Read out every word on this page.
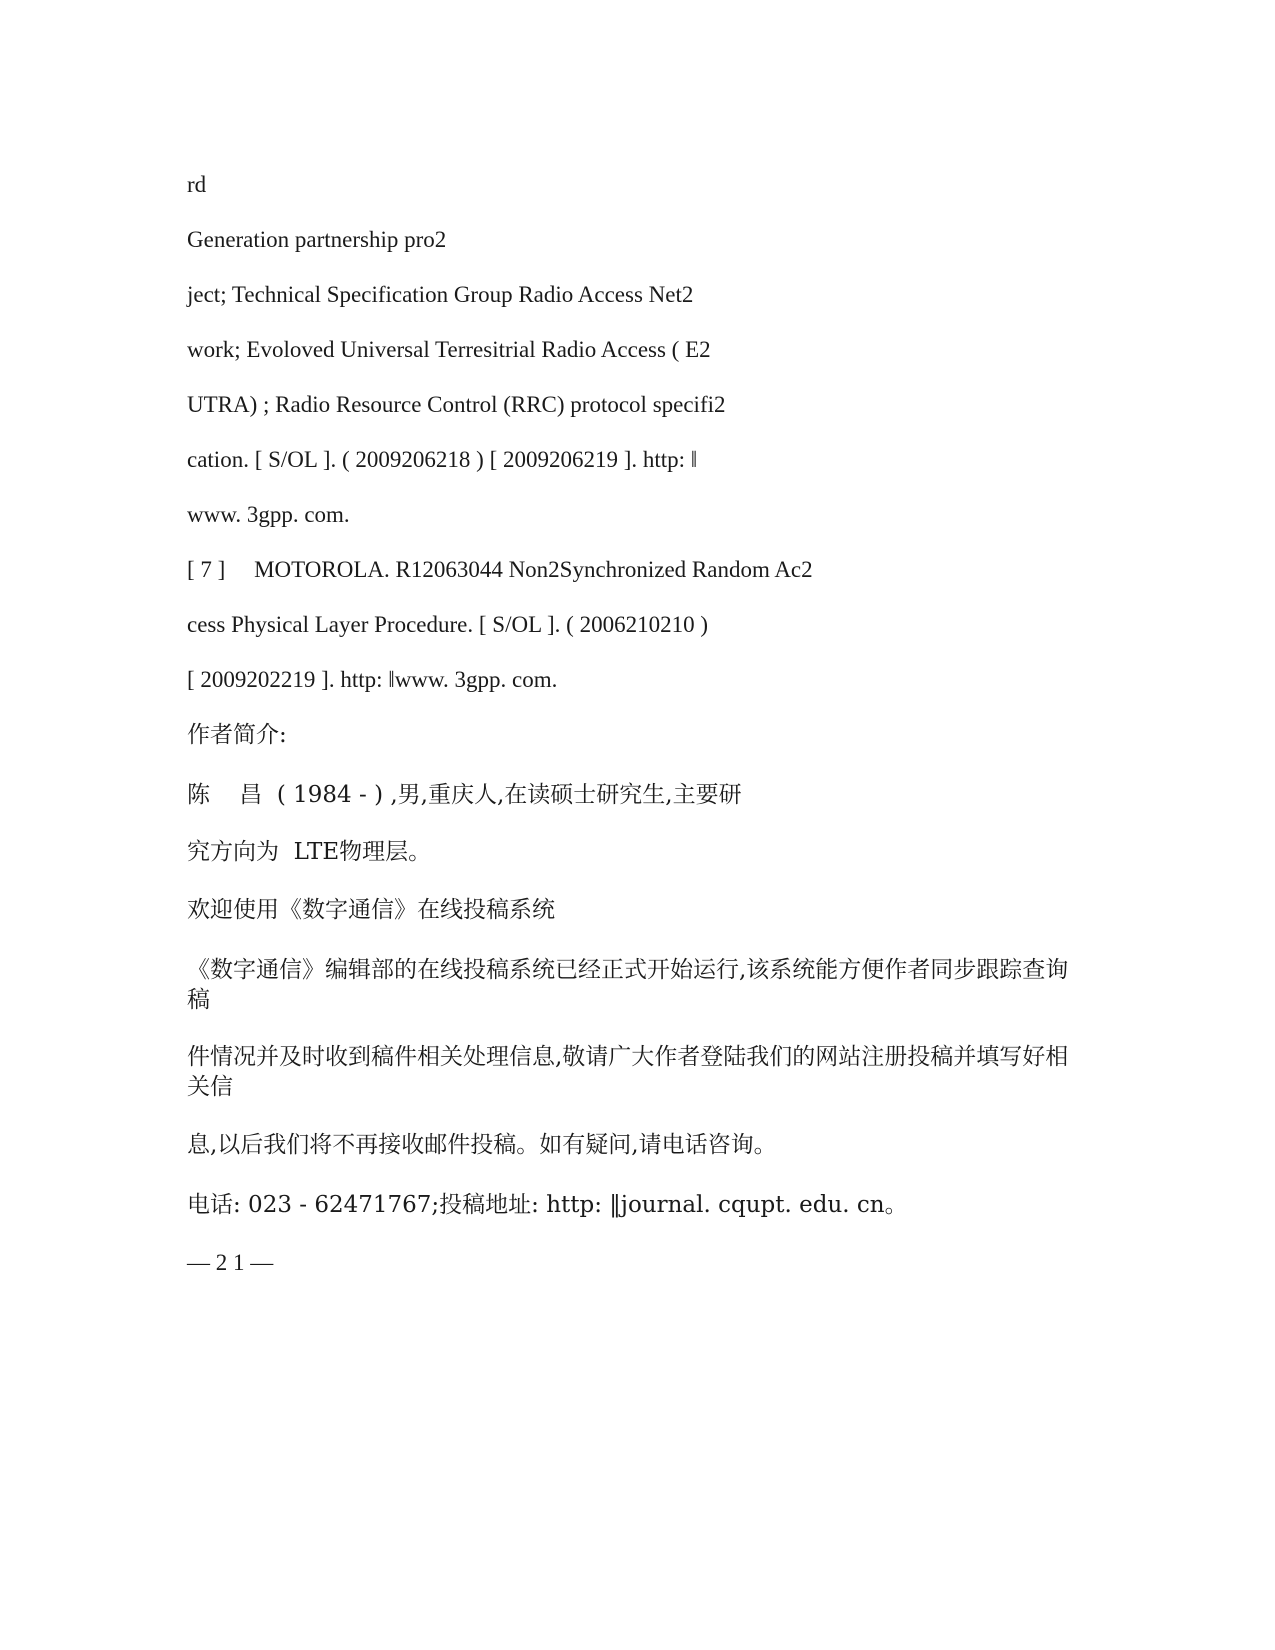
rd
Generation partnership pro2
ject; Technical Specification Group Radio Access Net2
work; Evoloved Universal Terresitrial Radio Access ( E2
UTRA) ; Radio Resource Control (RRC) protocol specifi2
cation. [ S/OL ]. ( 2009206218 ) [ 2009206219 ]. http: ‖
www. 3gpp. com.
[ 7 ]     MOTOROLA. R12063044 Non2Synchronized Random Ac2
cess Physical Layer Procedure. [ S/OL ]. ( 2006210210 )
[ 2009202219 ]. http: ‖www. 3gpp. com.
作者简介:
陈    昌  ( 1984 - ) ,男,重庆人,在读硕士研究生,主要研
究方向为  LTE物理层。
欢迎使用《数字通信》在线投稿系统
《数字通信》编辑部的在线投稿系统已经正式开始运行,该系统能方便作者同步跟踪查询稿
件情况并及时收到稿件相关处理信息,敬请广大作者登陆我们的网站注册投稿并填写好相关信
息,以后我们将不再接收邮件投稿。如有疑问,请电话咨询。
电话: 023 - 62471767;投稿地址: http: ‖journal. cqupt. edu. cn。
— 2 1 —
